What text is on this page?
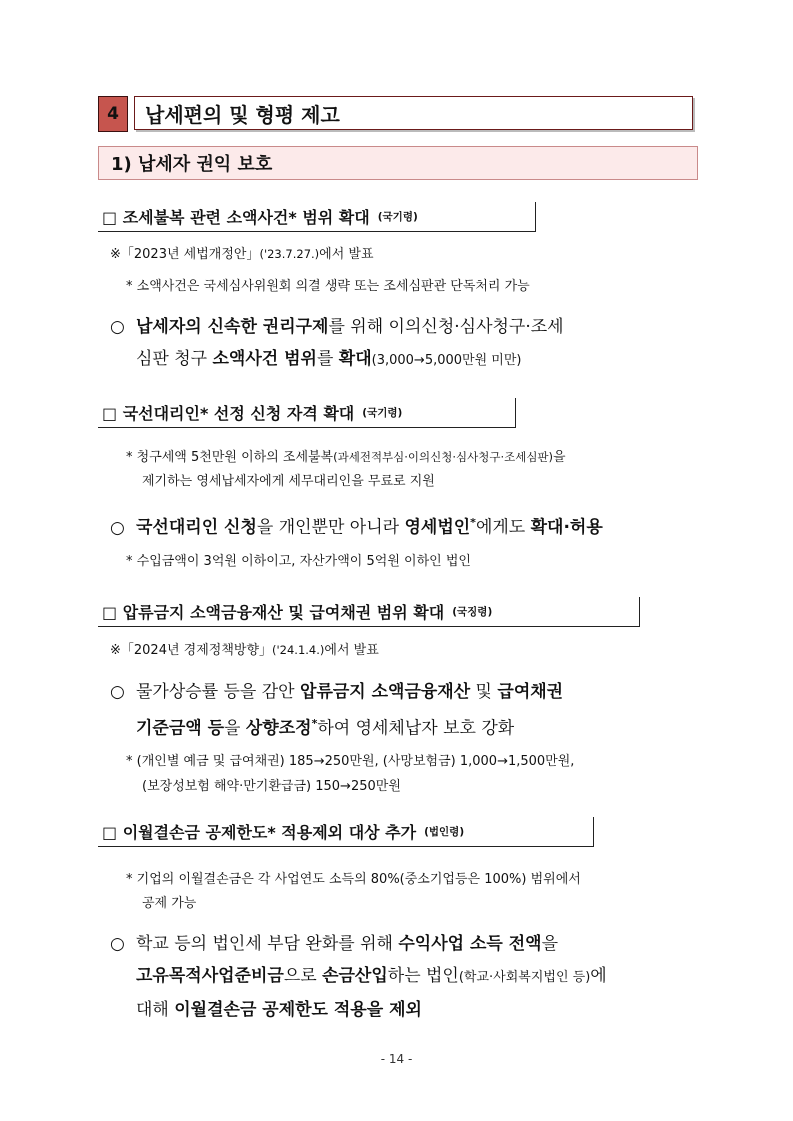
4	납세편의 및 형평 제고
1) 납세자 권익 보호
□ 조세불복 관련 소액사건* 범위 확대 (국기령)
※「2023년 세법개정안」('23.7.27.)에서 발표
* 소액사건은 국세심사위원회 의결 생략 또는 조세심판관 단독처리 가능
○ 납세자의 신속한 권리구제를 위해 이의신청·심사청구·조세
심판 청구 소액사건 범위를 확대(3,000→5,000만원 미만)
□ 국선대리인* 선정 신청 자격 확대 (국기령)
* 청구세액 5천만원 이하의 조세불복(과세전적부심·이의신청·심사청구·조세심판)을
제기하는 영세납세자에게 세무대리인을 무료로 지원
○ 국선대리인 신청을 개인뿐만 아니라 영세법인*에게도 확대·허용
* 수입금액이 3억원 이하이고, 자산가액이 5억원 이하인 법인
□ 압류금지 소액금융재산 및 급여채권 범위 확대 (국징령)
※「2024년 경제정책방향」('24.1.4.)에서 발표
○ 물가상승률 등을 감안 압류금지 소액금융재산 및 급여채권
기준금액 등을 상향조정*하여 영세체납자 보호 강화
* (개인별 예금 및 급여채권) 185→250만원, (사망보험금) 1,000→1,500만원,
(보장성보험 해약·만기환급금) 150→250만원
□ 이월결손금 공제한도* 적용제외 대상 추가 (법인령)
* 기업의 이월결손금은 각 사업연도 소득의 80%(중소기업등은 100%) 범위에서
공제 가능
○ 학교 등의 법인세 부담 완화를 위해 수익사업 소득 전액을
고유목적사업준비금으로 손금산입하는 법인(학교·사회복지법인 등)에
대해 이월결손금 공제한도 적용을 제외
- 14 -
